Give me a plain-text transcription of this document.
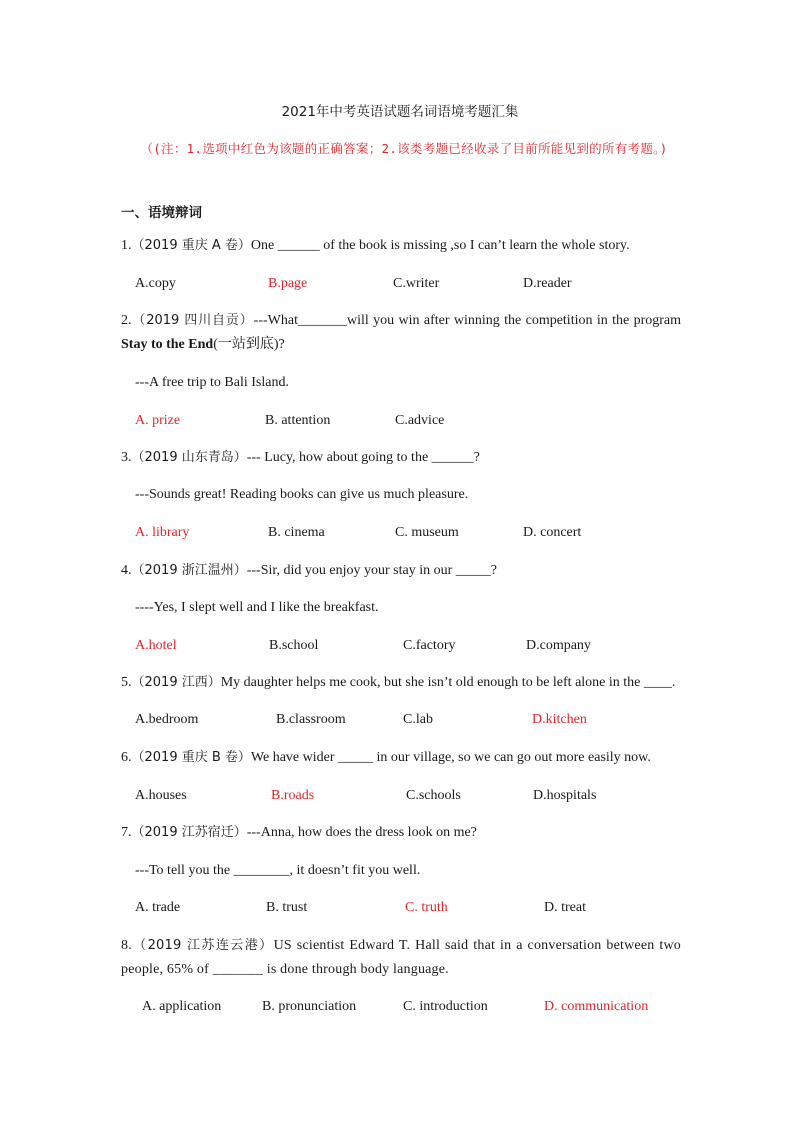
2021年中考英语试题名词语境考题汇集
（(注：1.选项中红色为该题的正确答案；2.该类考题已经收录了目前所能见到的所有考题。)
一、语境辩词
1.（2019 重庆 A 卷）One ______ of the book is missing ,so I can’t learn the whole story.
A.copy	B.page	C.writer	D.reader
2.（2019 四川自贡）---What_______will you win after winning the competition in the program Stay to the End(一站到底)?
---A free trip to Bali Island.
A. prize	B. attention	C.advice
3.（2019 山东青岛）--- Lucy, how about going to the ______?
---Sounds great! Reading books can give us much pleasure.
A. library	B. cinema	C. museum	D. concert
4.（2019 浙江温州）---Sir, did you enjoy your stay in our _____?
----Yes, I slept well and I like the breakfast.
A.hotel	B.school	C.factory	D.company
5.（2019 江西）My daughter helps me cook, but she isn’t old enough to be left alone in the ____.
A.bedroom	B.classroom	C.lab	D.kitchen
6.（2019 重庆 B 卷）We have wider _____ in our village, so we can go out more easily now.
A.houses	B.roads	C.schools	D.hospitals
7.（2019 江苏宿迁）---Anna, how does the dress look on me?
---To tell you the ________, it doesn’t fit you well.
A. trade	B. trust	C. truth	D. treat
8.（2019 江苏连云港）US scientist Edward T. Hall said that in a conversation between two people, 65% of _______ is done through body language.
A. application	B. pronunciation	C. introduction	D. communication
